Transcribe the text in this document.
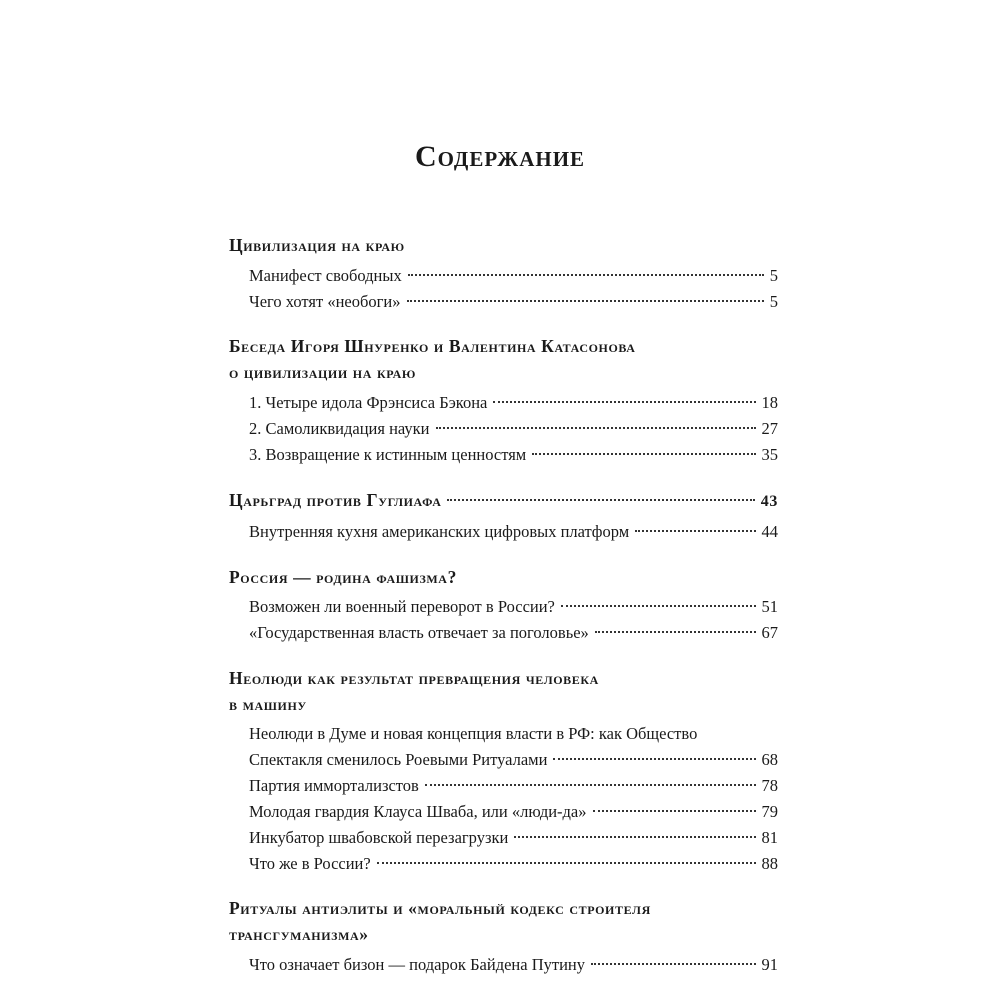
Содержание
Цивилизация на краю
Манифест свободных	5
Чего хотят «необоги»	5
Беседа Игоря Шнуренко и Валентина Катасонова
о цивилизации на краю
1. Четыре идола Фрэнсиса Бэкона	18
2. Самоликвидация науки	27
3. Возвращение к истинным ценностям	35
Царьград против Гуглиафа	43
Внутренняя кухня американских цифровых платформ	44
Россия — родина фашизма?
Возможен ли военный переворот в России?	51
«Государственная власть отвечает за поголовье»	67
Неолюди как результат превращения человека
в машину
Неолюди в Думе и новая концепция власти в РФ: как Общество
Спектакля сменилось Роевыми Ритуалами	68
Партия иммортализстов	78
Молодая гвардия Клауса Шваба, или «люди-да»	79
Инкубатор швабовской перезагрузки	81
Что же в России?	88
Ритуалы антиэлиты и «моральный кодекс строителя
трансгуманизма»
Что означает бизон — подарок Байдена Путину	91
